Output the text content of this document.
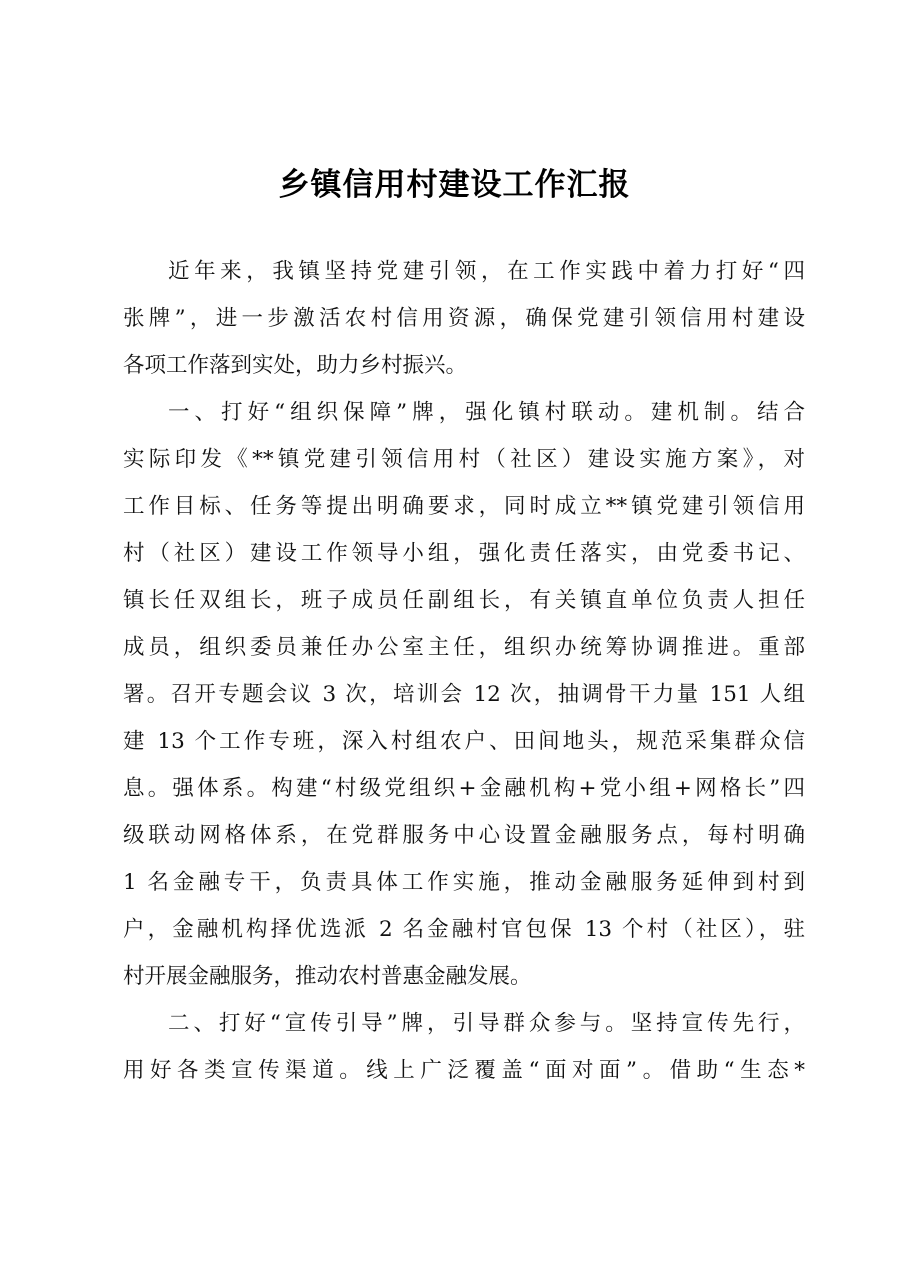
乡镇信用村建设工作汇报
近年来，我镇坚持党建引领，在工作实践中着力打好“四
张牌”，进一步激活农村信用资源，确保党建引领信用村建设
各项工作落到实处，助力乡村振兴。
一、打好“组织保障”牌，强化镇村联动。建机制。结合
实际印发《**镇党建引领信用村（社区）建设实施方案》，对
工作目标、任务等提出明确要求，同时成立**镇党建引领信用
村（社区）建设工作领导小组，强化责任落实，由党委书记、
镇长任双组长，班子成员任副组长，有关镇直单位负责人担任
成员，组织委员兼任办公室主任，组织办统筹协调推进。重部
署。召开专题会议 3 次，培训会 12 次，抽调骨干力量 151 人组
建 13 个工作专班，深入村组农户、田间地头，规范采集群众信
息。强体系。构建“村级党组织+金融机构+党小组+网格长”四
级联动网格体系，在党群服务中心设置金融服务点，每村明确
1 名金融专干，负责具体工作实施，推动金融服务延伸到村到
户，金融机构择优选派 2 名金融村官包保 13 个村（社区），驻
村开展金融服务，推动农村普惠金融发展。
二、打好“宣传引导”牌，引导群众参与。坚持宣传先行，
用好各类宣传渠道。线上广泛覆盖“面对面”。借助“生态*
